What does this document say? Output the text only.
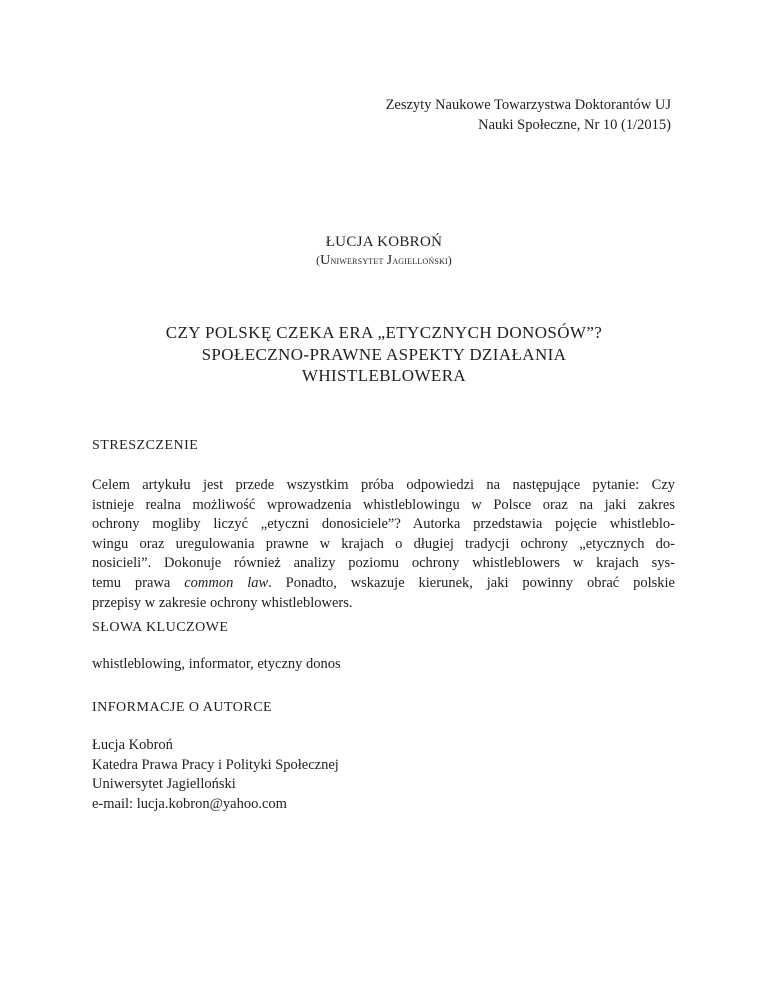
Zeszyty Naukowe Towarzystwa Doktorantów UJ
Nauki Społeczne, Nr 10 (1/2015)
ŁUCJA KOBROŃ
(Uniwersytet Jagielloński)
CZY POLSKĘ CZEKA ERA „ETYCZNYCH DONOSÓW”?
SPOŁECZNO-PRAWNE ASPEKTY DZIAŁANIA
WHISTLEBLOWERA
STRESZCZENIE
Celem artykułu jest przede wszystkim próba odpowiedzi na następujące pytanie: Czy
istnieje realna możliwość wprowadzenia whistleblowingu w Polsce oraz na jaki zakres
ochrony mogliby liczyć „etyczni donosiciele”? Autorka przedstawia pojęcie whistleblo-
wingu oraz uregulowania prawne w krajach o długiej tradycji ochrony „etycznych do-
nosicieli”. Dokonuje również analizy poziomu ochrony whistleblowers w krajach sys-
temu prawa common law. Ponadto, wskazuje kierunek, jaki powinny obrać polskie
przepisy w zakresie ochrony whistleblowers.
SŁOWA KLUCZOWE
whistleblowing, informator, etyczny donos
INFORMACJE O AUTORCE
Łucja Kobroń
Katedra Prawa Pracy i Polityki Społecznej
Uniwersytet Jagielloński
e-mail: lucja.kobron@yahoo.com
